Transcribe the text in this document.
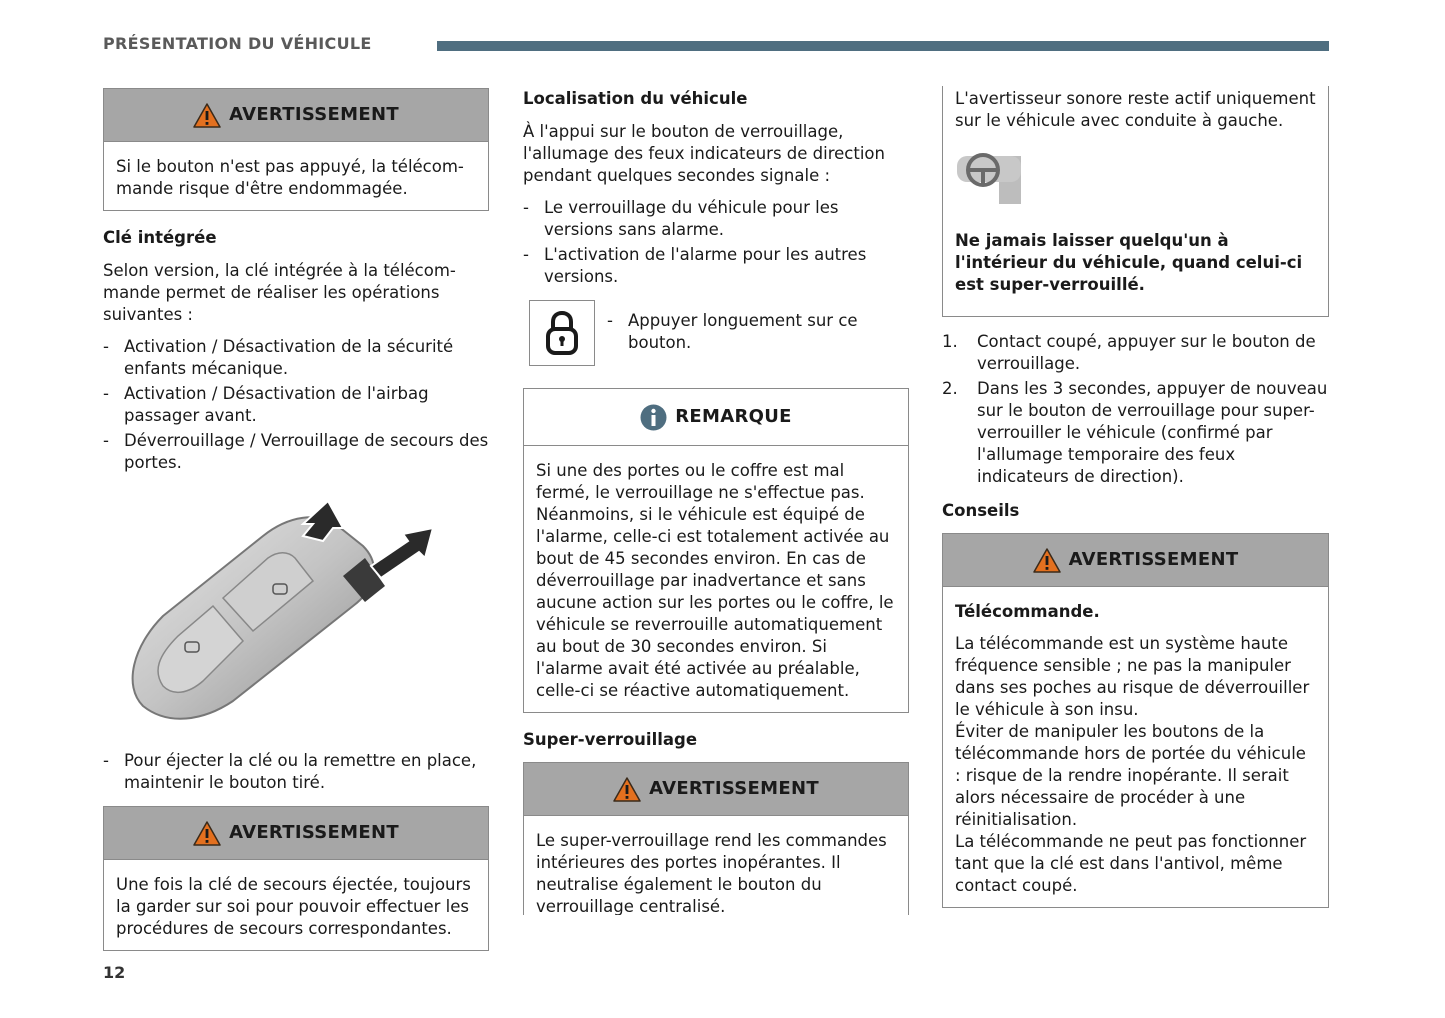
PRÉSENTATION DU VÉHICULE
AVERTISSEMENT

Si le bouton n'est pas appuyé, la télécom-mande risque d'être endommagée.

Clé intégrée

Selon version, la clé intégrée à la télécom-mande permet de réaliser les opérations suivantes :

- Activation / Désactivation de la sécurité enfants mécanique.
- Activation / Désactivation de l'airbag passager avant.
- Déverrouillage / Verrouillage de secours des portes.
- Pour éjecter la clé ou la remettre en place, maintenir le bouton tiré.
AVERTISSEMENT

Une fois la clé de secours éjectée, toujours la garder sur soi pour pouvoir effectuer les procédures de secours correspondantes.

Localisation du véhicule

À l'appui sur le bouton de verrouillage, l'allumage des feux indicateurs de direction pendant quelques secondes signale :

- Le verrouillage du véhicule pour les versions sans alarme.
- L'activation de l'alarme pour les autres versions.
- Appuyer longuement sur ce bouton.
REMARQUE

Si une des portes ou le coffre est mal fermé, le verrouillage ne s'effectue pas. Néanmoins, si le véhicule est équipé de l'alarme, celle-ci est totalement activée au bout de 45 secondes environ. En cas de déverrouillage par inadvertance et sans aucune action sur les portes ou le coffre, le véhicule se reverrouille automatiquement au bout de 30 secondes environ. Si l'alarme avait été activée au préalable, celle-ci se réactive automatiquement.

Super-verrouillage
AVERTISSEMENT

Le super-verrouillage rend les commandes intérieures des portes inopérantes. Il neutralise également le bouton du verrouillage centralisé.

L'avertisseur sonore reste actif uniquement sur le véhicule avec conduite à gauche.

Ne jamais laisser quelqu'un à l'intérieur du véhicule, quand celui-ci est super-verrouillé.

1. Contact coupé, appuyer sur le bouton de verrouillage.
2. Dans les 3 secondes, appuyer de nouveau sur le bouton de verrouillage pour super-verrouiller le véhicule (confirmé par l'allumage temporaire des feux indicateurs de direction).
Conseils
AVERTISSEMENT

Télécommande.

La télécommande est un système haute fréquence sensible ; ne pas la manipuler dans ses poches au risque de déverrouiller le véhicule à son insu.

Éviter de manipuler les boutons de la télécommande hors de portée du véhicule : risque de la rendre inopérante. Il serait alors nécessaire de procéder à une réinitialisation.

La télécommande ne peut pas fonctionner tant que la clé est dans l'antivol, même contact coupé.

12
